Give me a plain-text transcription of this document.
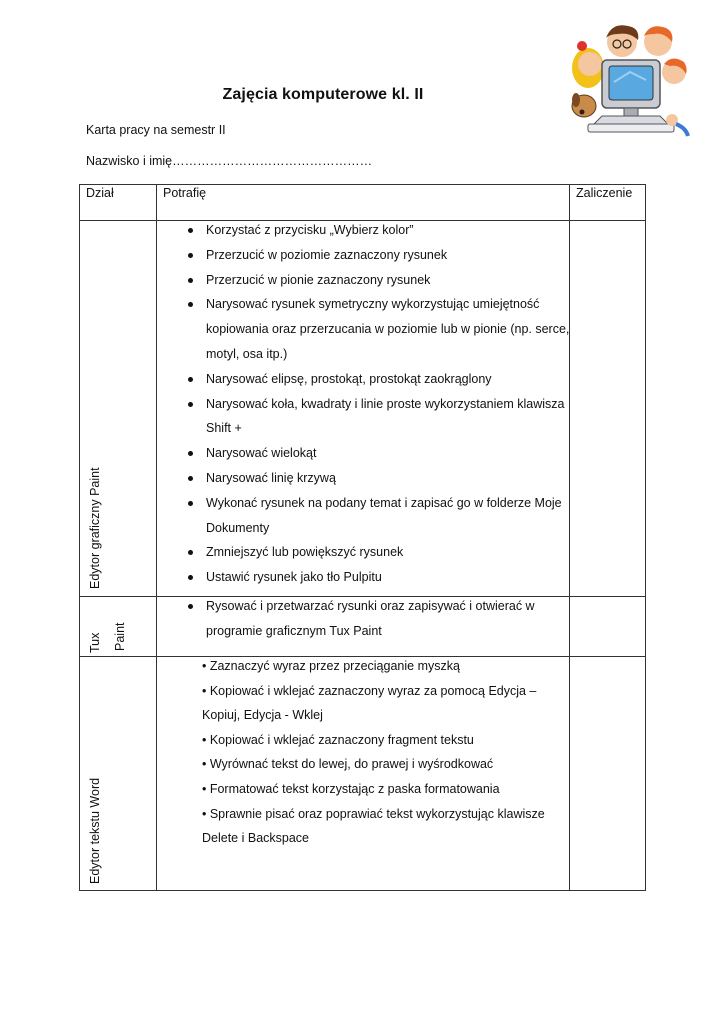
Zajęcia komputerowe kl. II
Karta pracy na semestr II
Nazwisko i imię…………………………………………
Dział	Potrafię	Zaliczenie
Edytor graficzny Paint
Korzystać z przycisku „Wybierz kolor”
Przerzucić w poziomie zaznaczony rysunek
Przerzucić w pionie zaznaczony rysunek
Narysować rysunek symetryczny wykorzystując umiejętność kopiowania oraz przerzucania w poziomie lub w pionie (np. serce, motyl, osa itp.)
Narysować elipsę, prostokąt, prostokąt zaokrąglony
Narysować koła, kwadraty i linie proste wykorzystaniem klawisza Shift +
Narysować wielokąt
Narysować linię krzywą
Wykonać rysunek na podany temat i zapisać go w folderze Moje Dokumenty
Zmniejszyć lub powiększyć rysunek
Ustawić rysunek jako tło Pulpitu
Tux Paint
Rysować i przetwarzać rysunki oraz zapisywać i otwierać w programie graficznym Tux Paint
Edytor tekstu Word
• Zaznaczyć wyraz przez przeciąganie myszką
• Kopiować i wklejać zaznaczony wyraz za pomocą Edycja – Kopiuj, Edycja - Wklej
• Kopiować i wklejać zaznaczony fragment tekstu
• Wyrównać tekst do lewej, do prawej i wyśrodkować
• Formatować tekst korzystając z paska formatowania
• Sprawnie pisać oraz poprawiać tekst wykorzystując klawisze Delete i Backspace
